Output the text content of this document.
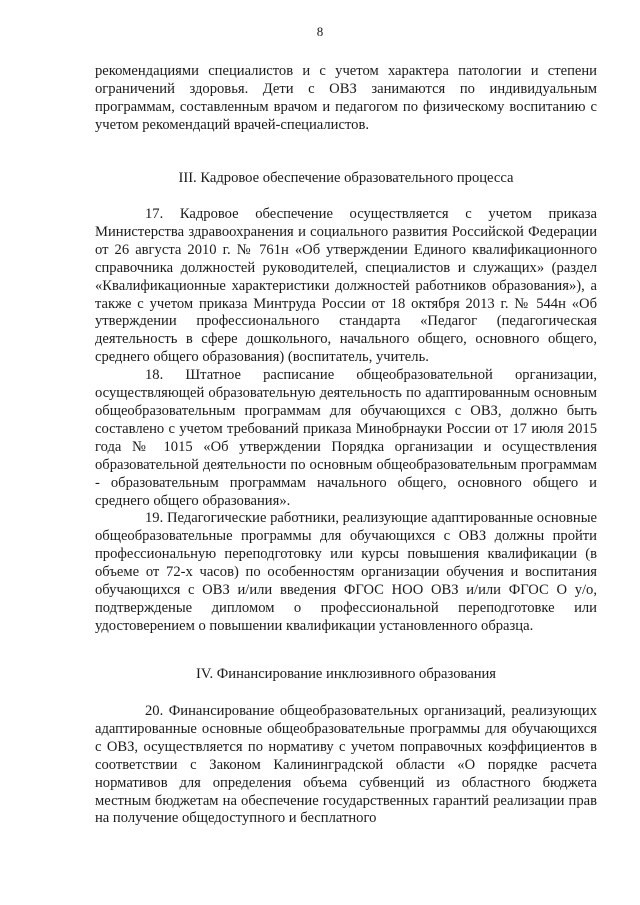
8

рекомендациями специалистов и с учетом характера патологии и степени ограничений здоровья. Дети с ОВЗ занимаются по индивидуальным программам, составленным врачом и педагогом по физическому воспитанию с учетом рекомендаций врачей-специалистов.

III. Кадровое обеспечение образовательного процесса

17. Кадровое обеспечение осуществляется с учетом приказа Министерства здравоохранения и социального развития Российской Федерации от 26 августа 2010 г. № 761н «Об утверждении Единого квалификационного справочника должностей руководителей, специалистов и служащих» (раздел «Квалификационные характеристики должностей работников образования»), а также с учетом приказа Минтруда России от 18 октября 2013 г. № 544н «Об утверждении профессионального стандарта «Педагог (педагогическая деятельность в сфере дошкольного, начального общего, основного общего, среднего общего образования) (воспитатель, учитель.

18. Штатное расписание общеобразовательной организации, осуществляющей образовательную деятельность по адаптированным основным общеобразовательным программам для обучающихся с ОВЗ, должно быть составлено с учетом требований приказа Минобрнауки России от 17 июля 2015 года № 1015 «Об утверждении Порядка организации и осуществления образовательной деятельности по основным общеобразовательным программам - образовательным программам начального общего, основного общего и среднего общего образования».

19. Педагогические работники, реализующие адаптированные основные общеобразовательные программы для обучающихся с ОВЗ должны пройти профессиональную переподготовку или курсы повышения квалификации (в объеме от 72-х часов) по особенностям организации обучения и воспитания обучающихся с ОВЗ и/или введения ФГОС НОО ОВЗ и/или ФГОС О у/о, подтвержденые дипломом о профессиональной переподготовке или удостоверением о повышении квалификации установленного образца.

IV. Финансирование инклюзивного образования

20. Финансирование общеобразовательных организаций, реализующих адаптированные основные общеобразовательные программы для обучающихся с ОВЗ, осуществляется по нормативу с учетом поправочных коэффициентов в соответствии с Законом Калининградской области «О порядке расчета нормативов для определения объема субвенций из областного бюджета местным бюджетам на обеспечение государственных гарантий реализации прав на получение общедоступного и бесплатного
